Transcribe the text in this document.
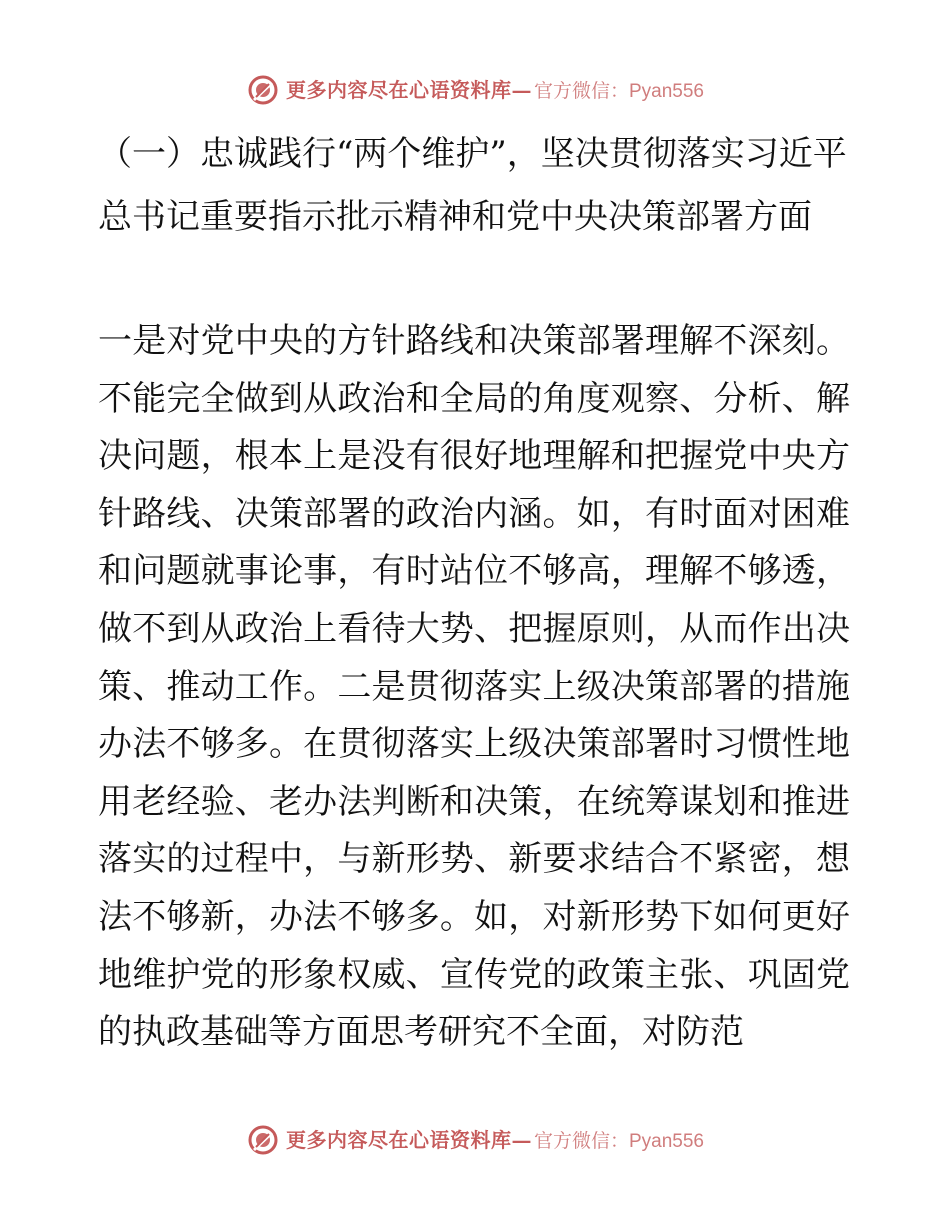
更多内容尽在心语资料库— 官方微信：Pyan556
（一）忠诚践行“两个维护”，坚决贯彻落实习近平总书记重要指示批示精神和党中央决策部署方面

一是对党中央的方针路线和决策部署理解不深刻。不能完全做到从政治和全局的角度观察、分析、解决问题，根本上是没有很好地理解和把握党中央方针路线、决策部署的政治内涵。如，有时面对困难和问题就事论事，有时站位不够高，理解不够透，做不到从政治上看待大势、把握原则，从而作出决策、推动工作。二是贯彻落实上级决策部署的措施办法不够多。在贯彻落实上级决策部署时习惯性地用老经验、老办法判断和决策，在统筹谋划和推进落实的过程中，与新形势、新要求结合不紧密，想法不够新，办法不够多。如，对新形势下如何更好地维护党的形象权威、宣传党的政策主张、巩固党的执政基础等方面思考研究不全面，对防范

更多内容尽在心语资料库— 官方微信：Pyan556
